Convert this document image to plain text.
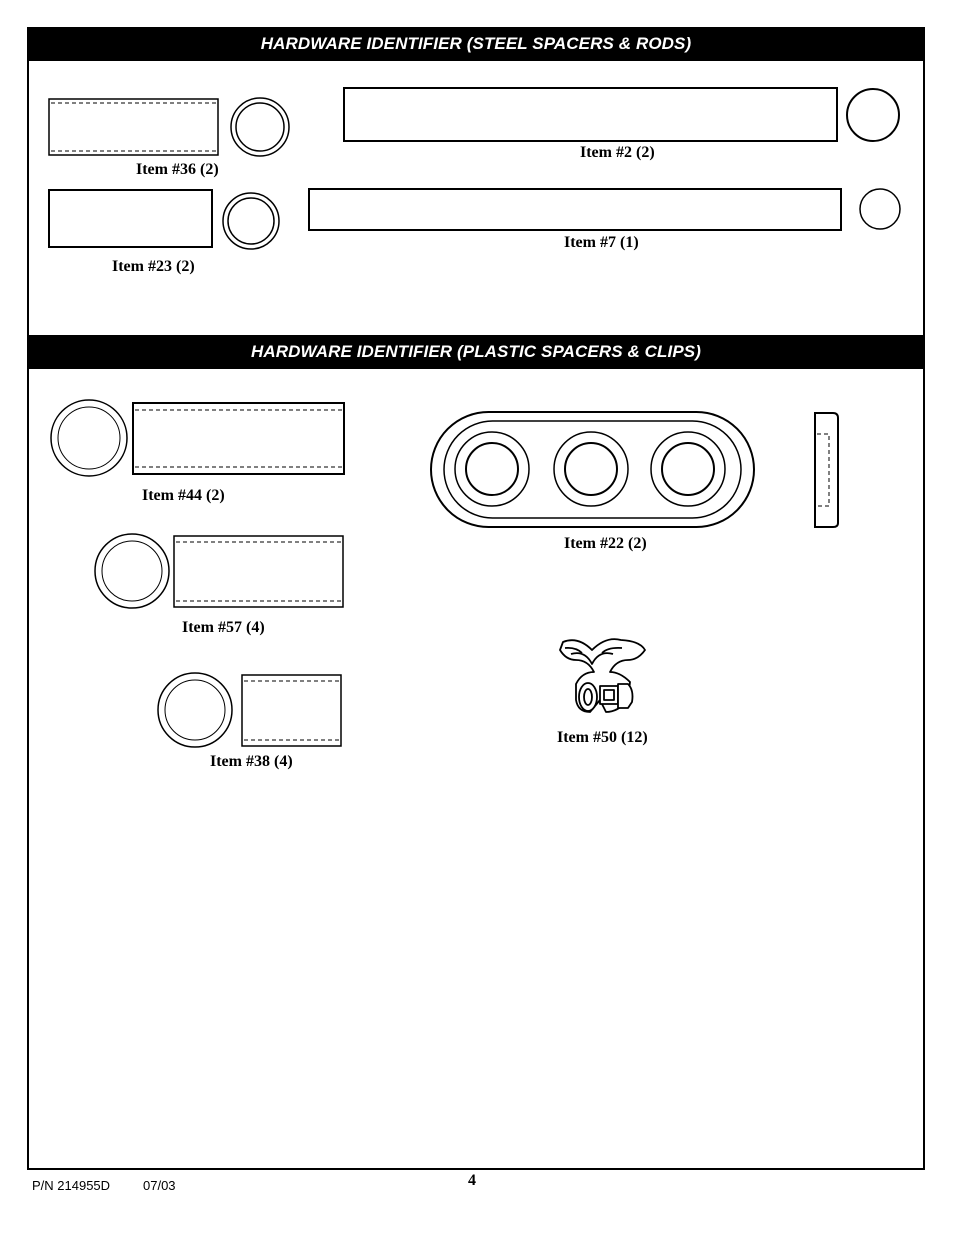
HARDWARE IDENTIFIER (STEEL SPACERS & RODS)
HARDWARE IDENTIFIER (PLASTIC SPACERS & CLIPS)
Item #36 (2)
Item #2 (2)
Item #23 (2)
Item #7 (1)
Item #44 (2)
Item #22 (2)
Item #57 (4)
Item #50 (12)
Item #38 (4)
P/N 214955D	07/03	4
